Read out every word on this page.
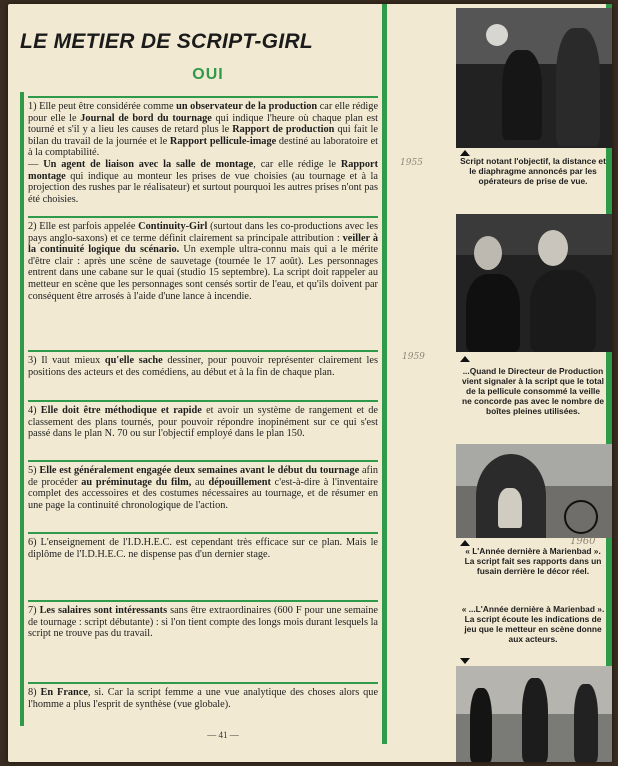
LE METIER DE SCRIPT-GIRL
OUI
1) Elle peut être considérée comme un observateur de la production car elle rédige pour elle le Journal de bord du tournage qui indique l'heure où chaque plan est tourné et s'il y a lieu les causes de retard plus le Rapport de production qui fait le bilan du travail de la journée et le Rapport pellicule-image destiné au laboratoire et à la comptabilité.
— Un agent de liaison avec la salle de montage, car elle rédige le Rapport montage qui indique au monteur les prises de vue choisies (au tournage et à la projection des rushes par le réalisateur) et surtout pourquoi les autres prises n'ont pas été choisies.
2) Elle est parfois appelée Continuity-Girl (surtout dans les co-productions avec les pays anglo-saxons) et ce terme définit clairement sa principale attribution : veiller à la continuité logique du scénario. Un exemple ultra-connu mais qui a le mérite d'être clair : après une scène de sauvetage (tournée le 17 août). Les personnages entrent dans une cabane sur le quai (studio 15 septembre). La script doit rappeler au metteur en scène que les personnages sont censés sortir de l'eau, et qu'ils doivent par conséquent être arrosés à l'aide d'une lance à incendie.
3) Il vaut mieux qu'elle sache dessiner, pour pouvoir représenter clairement les positions des acteurs et des comédiens, au début et à la fin de chaque plan.
4) Elle doit être méthodique et rapide et avoir un système de rangement et de classement des plans tournés, pour pouvoir répondre inopinément sur ce qui s'est passé dans le plan N. 70 ou sur l'objectif employé dans le plan 150.
5) Elle est généralement engagée deux semaines avant le début du tournage afin de procéder au préminutage du film, au dépouillement c'est-à-dire à l'inventaire complet des accessoires et des costumes nécessaires au tournage, et de résumer en une page la continuité chronologique de l'action.
6) L'enseignement de l'I.D.H.E.C. est cependant très efficace sur ce plan. Mais le diplôme de l'I.D.H.E.C. ne dispense pas d'un dernier stage.
7) Les salaires sont intéressants sans être extraordinaires (600 F pour une semaine de tournage : script débutante) : si l'on tient compte des longs mois durant lesquels la script ne trouve pas du travail.
8) En France, si. Car la script femme a une vue analytique des choses alors que l'homme a plus l'esprit de synthèse (vue globale).
— 41 —
Script notant l'objectif, la distance et le diaphragme annoncés par les opérateurs de prise de vue.
...Quand le Directeur de Production vient signaler à la script que le total de la pellicule consommé la veille ne concorde pas avec le nombre de boîtes pleines utilisées.
« L'Année dernière à Marienbad ». La script fait ses rapports dans un fusain derrière le décor réel.
« ...L'Année dernière à Marienbad ». La script écoute les indications de jeu que le metteur en scène donne aux acteurs.
1955
1959
1960
